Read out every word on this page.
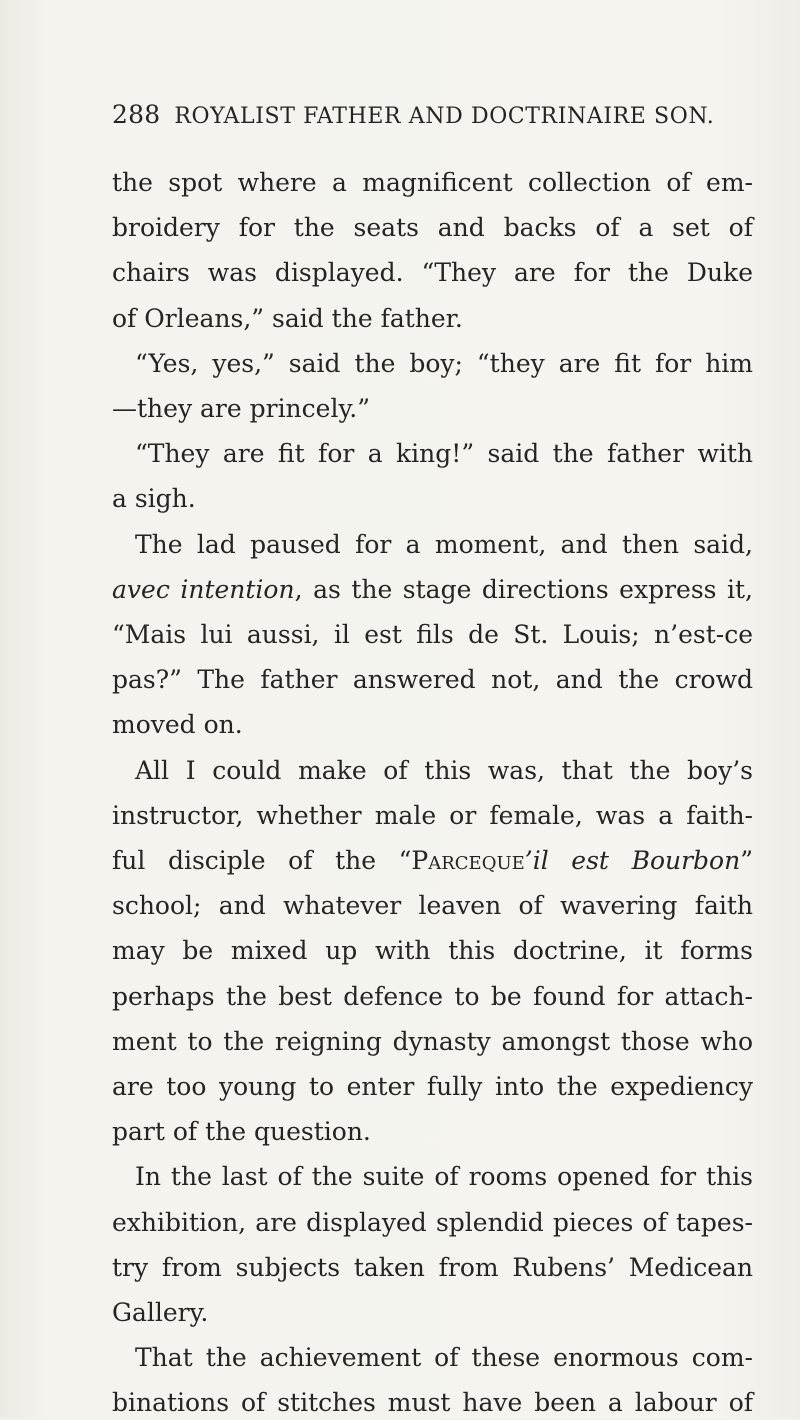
288 ROYALIST FATHER AND DOCTRINAIRE SON.
the spot where a magnificent collection of em-
broidery for the seats and backs of a set of
chairs was displayed. “They are for the Duke
of Orleans,” said the father.
“Yes, yes,” said the boy; “they are fit for him
—they are princely.”
“They are fit for a king!” said the father with
a sigh.
The lad paused for a moment, and then said,
avec intention, as the stage directions express it,
“Mais lui aussi, il est fils de St. Louis; n’est-ce
pas?” The father answered not, and the crowd
moved on.
All I could make of this was, that the boy’s
instructor, whether male or female, was a faith-
ful disciple of the “Parceque’il est Bourbon”
school; and whatever leaven of wavering faith
may be mixed up with this doctrine, it forms
perhaps the best defence to be found for attach-
ment to the reigning dynasty amongst those who
are too young to enter fully into the expediency
part of the question.
In the last of the suite of rooms opened for this
exhibition, are displayed splendid pieces of tapes-
try from subjects taken from Rubens’ Medicean
Gallery.
That the achievement of these enormous com-
binations of stitches must have been a labour of
